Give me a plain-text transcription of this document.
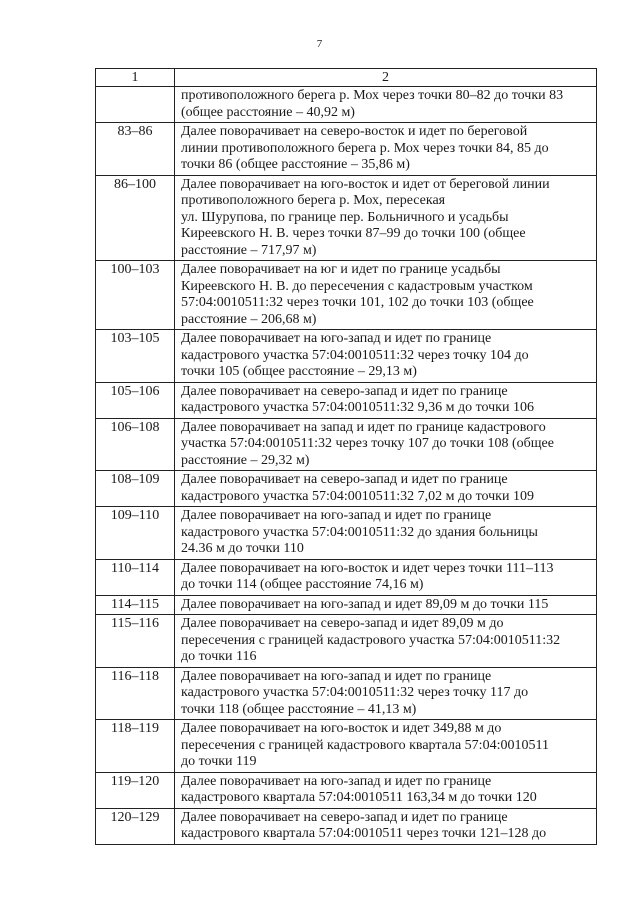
7
1	2
	противоположного берега р. Мох через точки 80–82 до точки 83
(общее расстояние – 40,92 м)
83–86	Далее поворачивает на северо-восток и идет по береговой
линии противоположного берега р. Мох через точки 84, 85 до
точки 86 (общее расстояние – 35,86 м)
86–100	Далее поворачивает на юго-восток и идет от береговой линии
противоположного берега р. Мох, пересекая
ул. Шурупова, по границе пер. Больничного и усадьбы
Киреевского Н. В. через точки 87–99 до точки 100 (общее
расстояние – 717,97 м)
100–103	Далее поворачивает на юг и идет по границе усадьбы
Киреевского Н. В. до пересечения с кадастровым участком
57:04:0010511:32 через точки 101, 102 до точки 103 (общее
расстояние – 206,68 м)
103–105	Далее поворачивает на юго-запад и идет по границе
кадастрового участка 57:04:0010511:32 через точку 104 до
точки 105 (общее расстояние – 29,13 м)
105–106	Далее поворачивает на северо-запад и идет по границе
кадастрового участка 57:04:0010511:32 9,36 м до точки 106
106–108	Далее поворачивает на запад и идет по границе кадастрового
участка 57:04:0010511:32 через точку 107 до точки 108 (общее
расстояние – 29,32 м)
108–109	Далее поворачивает на северо-запад и идет по границе
кадастрового участка 57:04:0010511:32 7,02 м до точки 109
109–110	Далее поворачивает на юго-запад и идет по границе
кадастрового участка 57:04:0010511:32 до здания больницы
24.36 м до точки 110
110–114	Далее поворачивает на юго-восток и идет через точки 111–113
до точки 114 (общее расстояние 74,16 м)
114–115	Далее поворачивает на юго-запад и идет 89,09 м до точки 115
115–116	Далее поворачивает на северо-запад и идет 89,09 м до
пересечения с границей кадастрового участка 57:04:0010511:32
до точки 116
116–118	Далее поворачивает на юго-запад и идет по границе
кадастрового участка 57:04:0010511:32 через точку 117 до
точки 118 (общее расстояние – 41,13 м)
118–119	Далее поворачивает на юго-восток и идет 349,88 м до
пересечения с границей кадастрового квартала 57:04:0010511
до точки 119
119–120	Далее поворачивает на юго-запад и идет по границе
кадастрового квартала 57:04:0010511 163,34 м до точки 120
120–129	Далее поворачивает на северо-запад и идет по границе
кадастрового квартала 57:04:0010511 через точки 121–128 до
